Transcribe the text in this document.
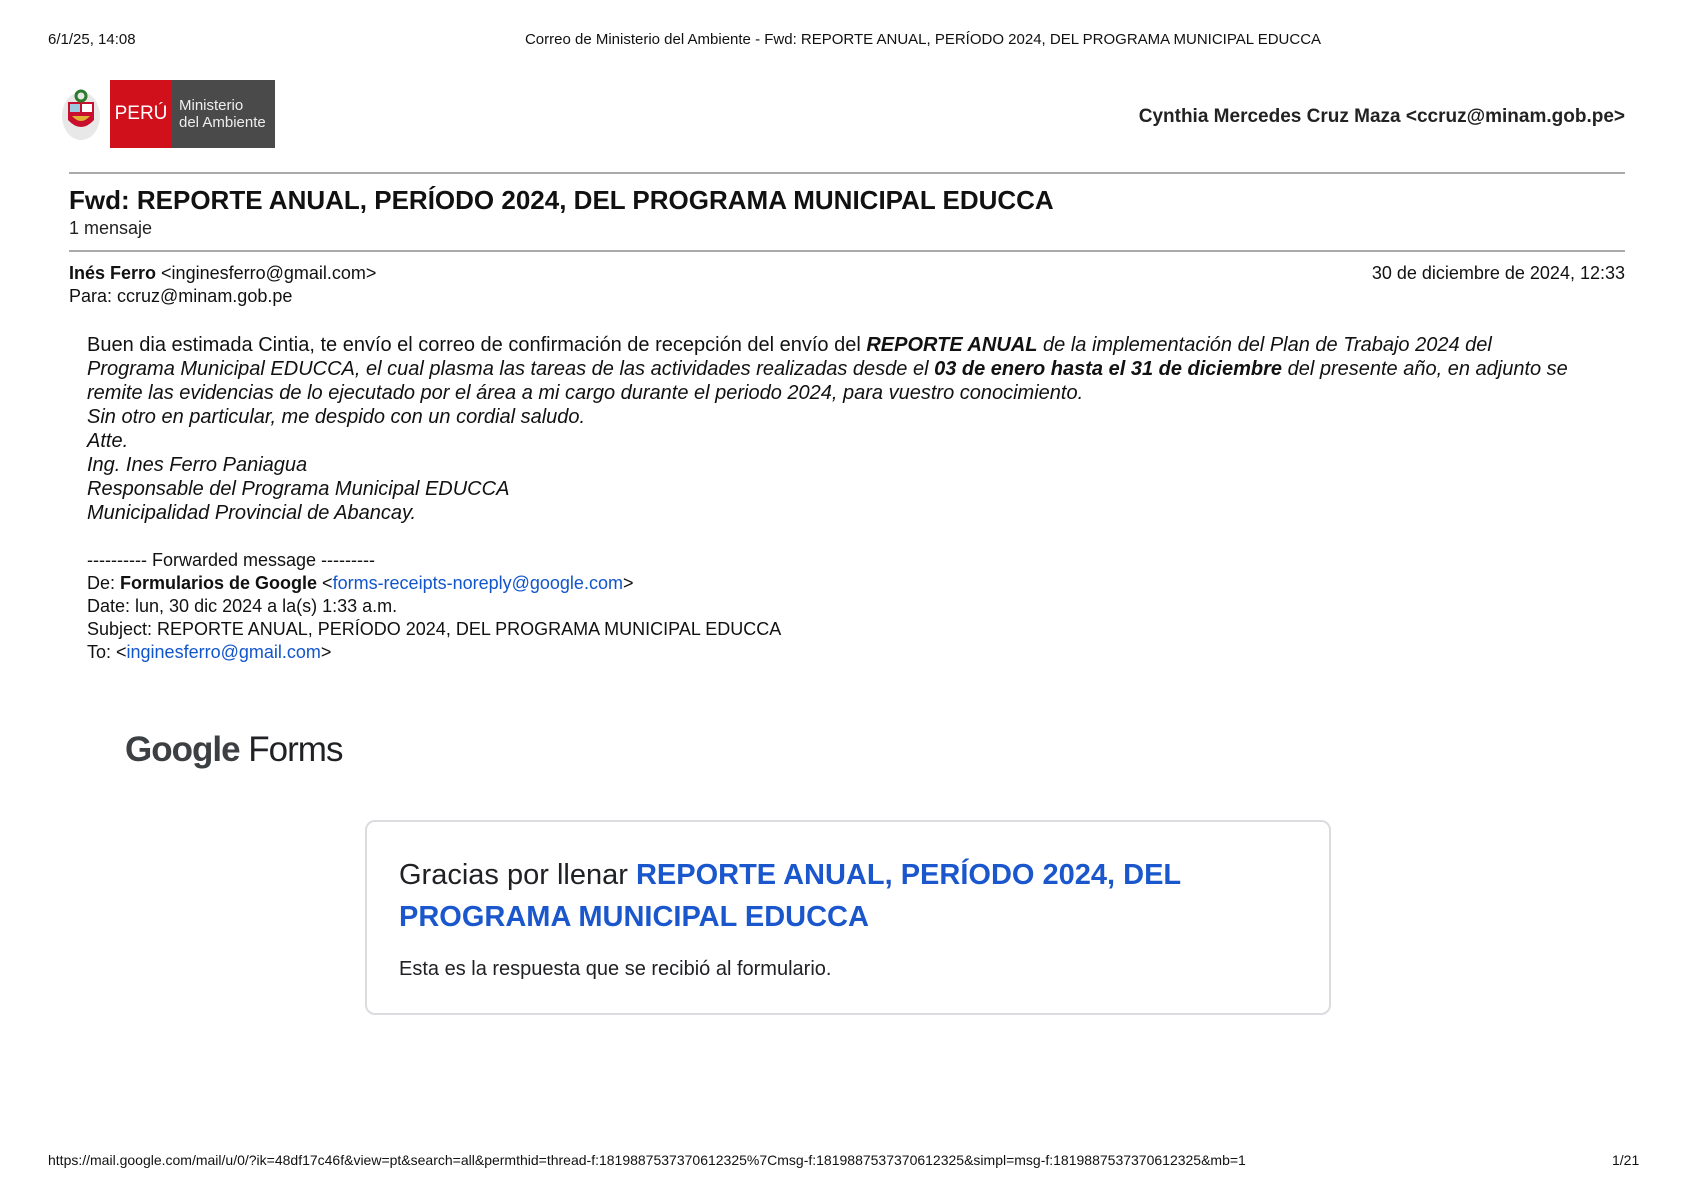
6/1/25, 14:08	Correo de Ministerio del Ambiente - Fwd: REPORTE ANUAL, PERÍODO 2024, DEL PROGRAMA MUNICIPAL EDUCCA
PERÚ Ministerio
del Ambiente	Cynthia Mercedes Cruz Maza <ccruz@minam.gob.pe>
Fwd: REPORTE ANUAL, PERÍODO 2024, DEL PROGRAMA MUNICIPAL EDUCCA
1 mensaje
Inés Ferro <inginesferro@gmail.com>
Para: ccruz@minam.gob.pe
30 de diciembre de 2024, 12:33
Buen dia estimada Cintia, te envío el correo de confirmación de recepción del envío del REPORTE ANUAL de la implementación del Plan de Trabajo 2024 del Programa Municipal EDUCCA, el cual plasma las tareas de las actividades realizadas desde el 03 de enero hasta el 31 de diciembre del presente año, en adjunto se remite las evidencias de lo ejecutado por el área a mi cargo durante el periodo 2024, para vuestro conocimiento.
Sin otro en particular, me despido con un cordial saludo.
Atte.
Ing. Ines Ferro Paniagua
Responsable del Programa Municipal EDUCCA
Municipalidad Provincial de Abancay.
---------- Forwarded message ---------
De: Formularios de Google <forms-receipts-noreply@google.com>
Date: lun, 30 dic 2024 a la(s) 1:33 a.m.
Subject: REPORTE ANUAL, PERÍODO 2024, DEL PROGRAMA MUNICIPAL EDUCCA
To: <inginesferro@gmail.com>
Google Forms
Gracias por llenar REPORTE ANUAL, PERÍODO 2024, DEL PROGRAMA MUNICIPAL EDUCCA
Esta es la respuesta que se recibió al formulario.
https://mail.google.com/mail/u/0/?ik=48df17c46f&view=pt&search=all&permthid=thread-f:1819887537370612325%7Cmsg-f:1819887537370612325&simpl=msg-f:1819887537370612325&mb=1	1/21
